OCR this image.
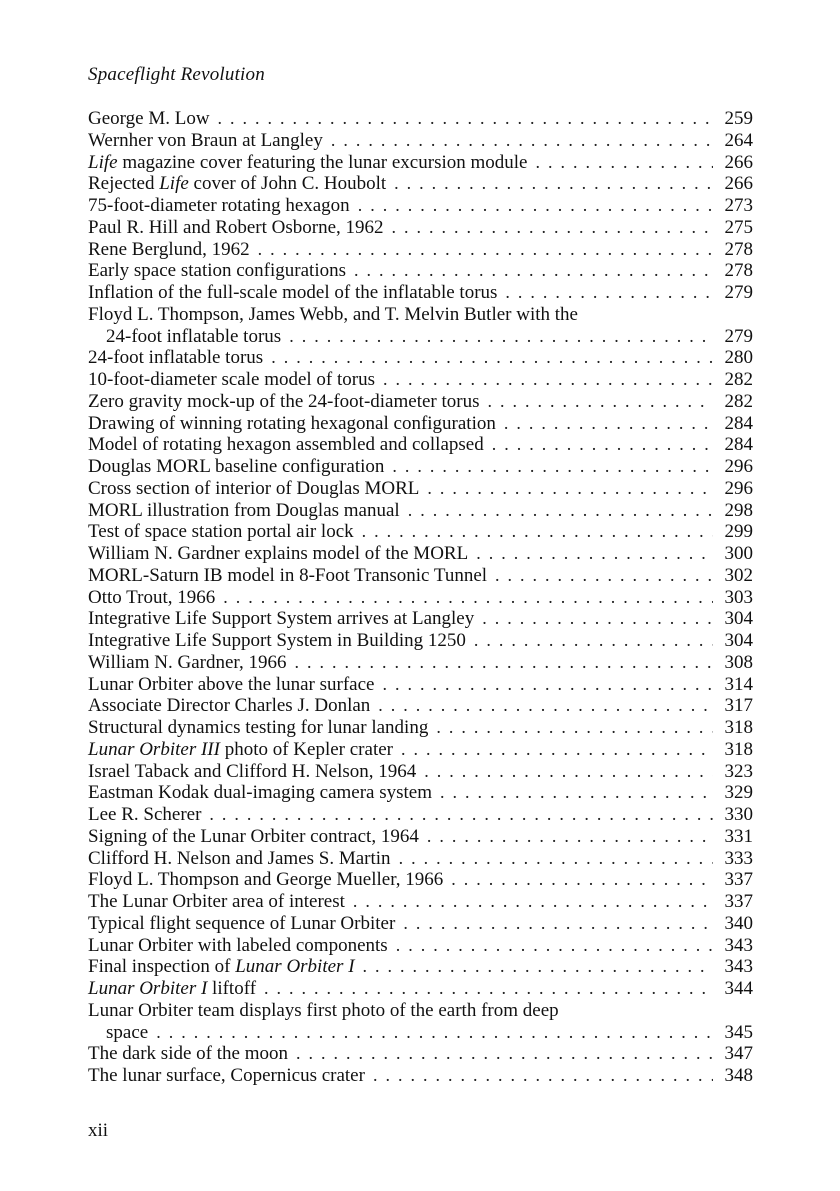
Spaceflight Revolution
George M. Low . . .	259
Wernher von Braun at Langley . . .	264
Life magazine cover featuring the lunar excursion module . . .	266
Rejected Life cover of John C. Houbolt . . .	266
75-foot-diameter rotating hexagon . . .	273
Paul R. Hill and Robert Osborne, 1962 . . .	275
Rene Berglund, 1962 . . .	278
Early space station configurations . . .	278
Inflation of the full-scale model of the inflatable torus . . .	279
Floyd L. Thompson, James Webb, and T. Melvin Butler with the
24-foot inflatable torus . . .	279
24-foot inflatable torus . . .	280
10-foot-diameter scale model of torus . . .	282
Zero gravity mock-up of the 24-foot-diameter torus . . .	282
Drawing of winning rotating hexagonal configuration . . .	284
Model of rotating hexagon assembled and collapsed . . .	284
Douglas MORL baseline configuration . . .	296
Cross section of interior of Douglas MORL . . .	296
MORL illustration from Douglas manual . . .	298
Test of space station portal air lock . . .	299
William N. Gardner explains model of the MORL . . .	300
MORL-Saturn IB model in 8-Foot Transonic Tunnel . . .	302
Otto Trout, 1966 . . .	303
Integrative Life Support System arrives at Langley . . .	304
Integrative Life Support System in Building 1250 . . .	304
William N. Gardner, 1966 . . .	308
Lunar Orbiter above the lunar surface . . .	314
Associate Director Charles J. Donlan . . .	317
Structural dynamics testing for lunar landing . . .	318
Lunar Orbiter III photo of Kepler crater . . .	318
Israel Taback and Clifford H. Nelson, 1964 . . .	323
Eastman Kodak dual-imaging camera system . . .	329
Lee R. Scherer . . .	330
Signing of the Lunar Orbiter contract, 1964 . . .	331
Clifford H. Nelson and James S. Martin . . .	333
Floyd L. Thompson and George Mueller, 1966 . . .	337
The Lunar Orbiter area of interest . . .	337
Typical flight sequence of Lunar Orbiter . . .	340
Lunar Orbiter with labeled components . . .	343
Final inspection of Lunar Orbiter I . . .	343
Lunar Orbiter I liftoff . . .	344
Lunar Orbiter team displays first photo of the earth from deep
space . . .	345
The dark side of the moon . . .	347
The lunar surface, Copernicus crater . . .	348
xii
